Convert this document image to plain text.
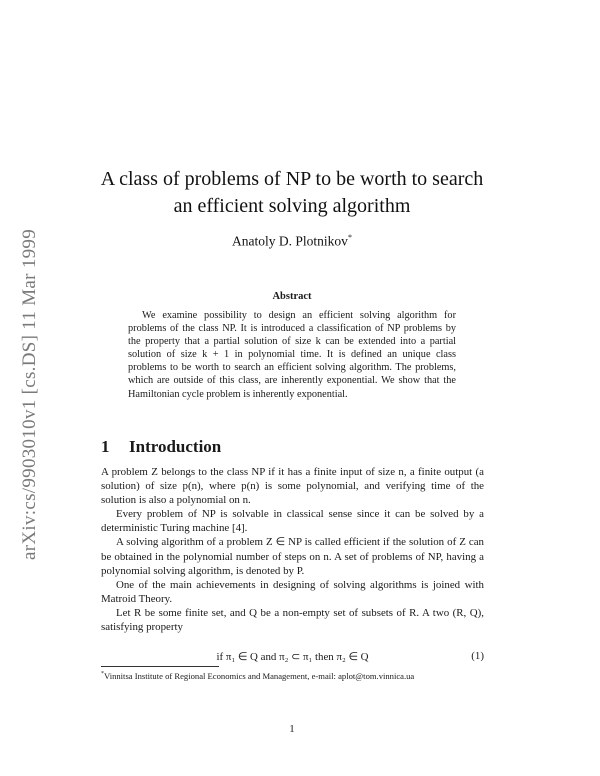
arXiv:cs/9903010v1 [cs.DS] 11 Mar 1999
A class of problems of NP to be worth to search an efficient solving algorithm
Anatoly D. Plotnikov*
Abstract
We examine possibility to design an efficient solving algorithm for problems of the class NP. It is introduced a classification of NP problems by the property that a partial solution of size k can be extended into a partial solution of size k + 1 in polynomial time. It is defined an unique class problems to be worth to search an efficient solving algorithm. The problems, which are outside of this class, are inherently exponential. We show that the Hamiltonian cycle problem is inherently exponential.
1 Introduction

A problem Z belongs to the class NP if it has a finite input of size n, a finite output (a solution) of size p(n), where p(n) is some polynomial, and verifying time of the solution is also a polynomial on n.

Every problem of NP is solvable in classical sense since it can be solved by a deterministic Turing machine [4].

A solving algorithm of a problem Z ∈ NP is called efficient if the solution of Z can be obtained in the polynomial number of steps on n. A set of problems of NP, having a polynomial solving algorithm, is denoted by P.

One of the main achievements in designing of solving algorithms is joined with Matroid Theory.

Let R be some finite set, and Q be a non-empty set of subsets of R. A two (R, Q), satisfying property

if π₁ ∈ Q and π₂ ⊂ π₁ then π₂ ∈ Q	(1)
*Vinnitsa Institute of Regional Economics and Management, e-mail: aplot@tom.vinnica.ua
1
